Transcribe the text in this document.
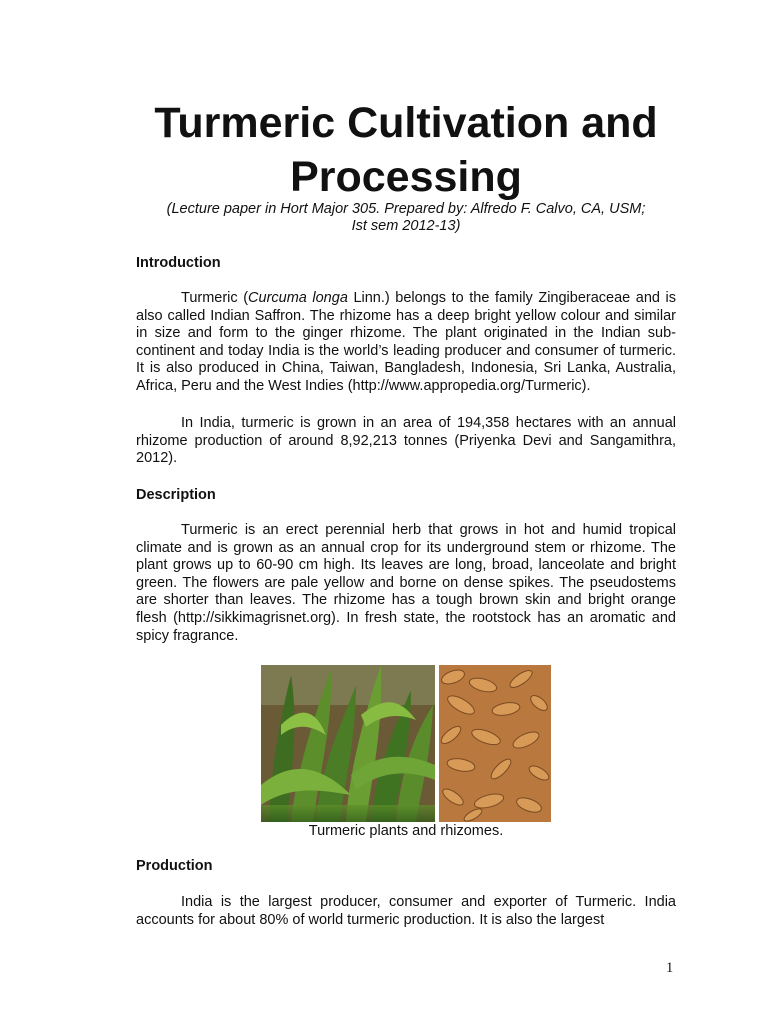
Turmeric Cultivation and Processing
(Lecture paper in Hort Major 305. Prepared by: Alfredo F. Calvo, CA, USM;
Ist sem 2012-13)
Introduction

Turmeric (Curcuma longa Linn.) belongs to the family Zingiberaceae and is also called Indian Saffron. The rhizome has a deep bright yellow colour and similar in size and form to the ginger rhizome. The plant originated in the Indian sub-continent and today India is the world’s leading producer and consumer of turmeric. It is also produced in China, Taiwan, Bangladesh, Indonesia, Sri Lanka, Australia, Africa, Peru and the West Indies (http://www.appropedia.org/Turmeric).

In India, turmeric is grown in an area of 194,358 hectares with an annual rhizome production of around 8,92,213 tonnes (Priyenka Devi and Sangamithra, 2012).

Description

Turmeric is an erect perennial herb that grows in hot and humid tropical climate and is grown as an annual crop for its underground stem or rhizome. The plant grows up to 60-90 cm high. Its leaves are long, broad, lanceolate and bright green. The flowers are pale yellow and borne on dense spikes. The pseudostems are shorter than leaves. The rhizome has a tough brown skin and bright orange flesh (http://sikkimagrisnet.org). In fresh state, the rootstock has an aromatic and spicy fragrance.

Turmeric plants and rhizomes.

Production

India is the largest producer, consumer and exporter of Turmeric. India accounts for about 80% of world turmeric production. It is also the largest

1
